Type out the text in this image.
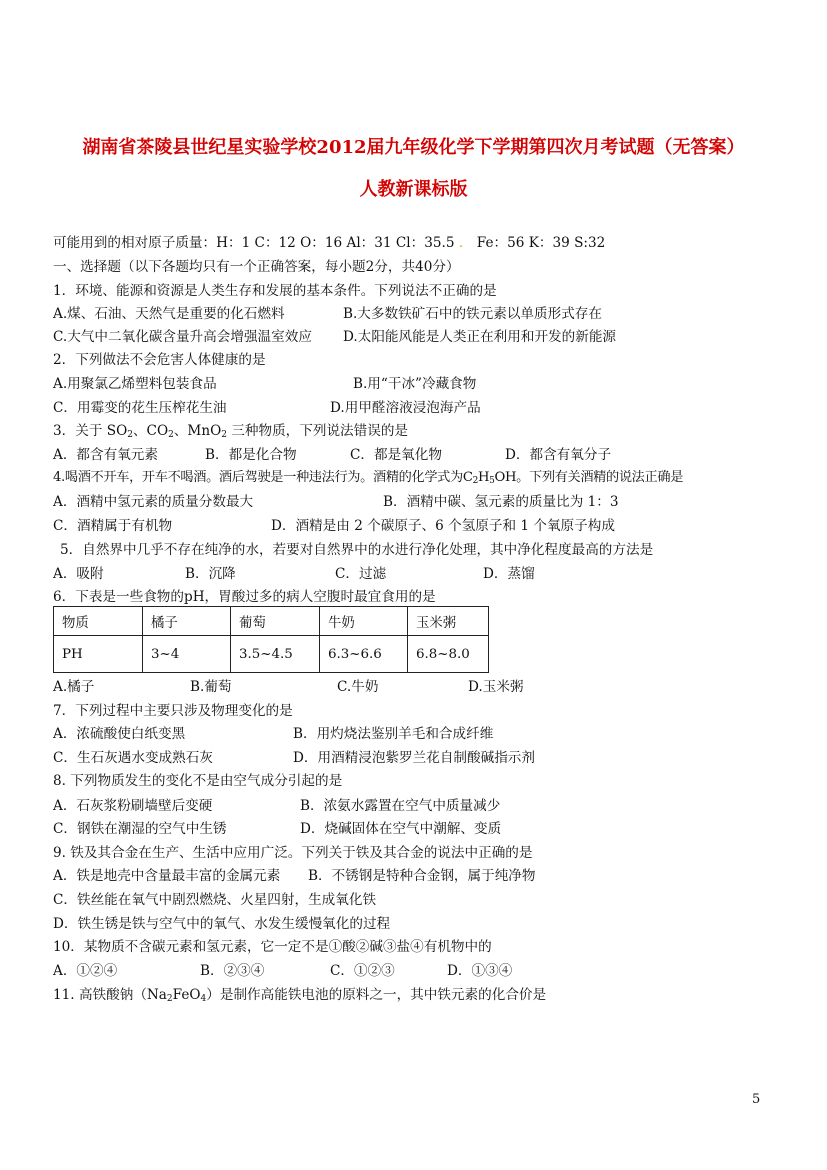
湖南省茶陵县世纪星实验学校2012届九年级化学下学期第四次月考试题（无答案）
人教新课标版
可能用到的相对原子质量：H：1 C：12 O：16 Al：31 Cl：35.5 ． Fe：56 K：39 S:32
一、选择题（以下各题均只有一个正确答案，每小题2分，共40分）
1．环境、能源和资源是人类生存和发展的基本条件。下列说法不正确的是
A.煤、石油、天然气是重要的化石燃料	B.大多数铁矿石中的铁元素以单质形式存在
C.大气中二氧化碳含量升高会增强温室效应 D.太阳能风能是人类正在利用和开发的新能源
2．下列做法不会危害人体健康的是
A.用聚氯乙烯塑料包装食品	B.用“干冰”冷藏食物
C．用霉变的花生压榨花生油	D.用甲醛溶液浸泡海产品
3．关于 $SO_2$、$CO_2$、MnO$_2$ 三种物质，下列说法错误的是
A．都含有氧元素	B．都是化合物	C．都是氧化物	D．都含有氧分子
4.喝酒不开车，开车不喝酒。酒后驾驶是一种违法行为。酒精的化学式为$C_2H_5OH$。下列有关酒精的说法正确是
A．酒精中氢元素的质量分数最大	B．酒精中碳、氢元素的质量比为 1：3
C．酒精属于有机物	D．酒精是由 2 个碳原子、6 个氢原子和 1 个氧原子构成
5．自然界中几乎不存在纯净的水，若要对自然界中的水进行净化处理，其中净化程度最高的方法是
A．吸附	B．沉降	C．过滤	D．蒸馏
6．下表是一些食物的pH，胃酸过多的病人空腹时最宜食用的是
物质	橘子	葡萄	牛奶	玉米粥
PH	3~4	3.5~4.5	6.3~6.6	6.8~8.0
A.橘子	B.葡萄	C.牛奶	D.玉米粥
7．下列过程中主要只涉及物理变化的是
A．浓硫酸使白纸变黑	B．用灼烧法鉴别羊毛和合成纤维
C．生石灰遇水变成熟石灰	D．用酒精浸泡紫罗兰花自制酸碱指示剂
8. 下列物质发生的变化不是由空气成分引起的是
A．石灰浆粉刷墙壁后变硬	B．浓氨水露置在空气中质量减少
C．钢铁在潮湿的空气中生锈	D．烧碱固体在空气中潮解、变质
9. 铁及其合金在生产、生活中应用广泛。下列关于铁及其合金的说法中正确的是
A．铁是地壳中含量最丰富的金属元素 B．不锈钢是特种合金钢，属于纯净物
C．铁丝能在氧气中剧烈燃烧、火星四射，生成氧化铁
D．铁生锈是铁与空气中的氧气、水发生缓慢氧化的过程
10．某物质不含碳元素和氢元素，它一定不是①酸②碱③盐④有机物中的
A．①②④	B．②③④	C．①②③	D．①③④
11. 高铁酸钠$(Na_2FeO_4)$是制作高能铁电池的原料之一，其中铁元素的化合价是
5
